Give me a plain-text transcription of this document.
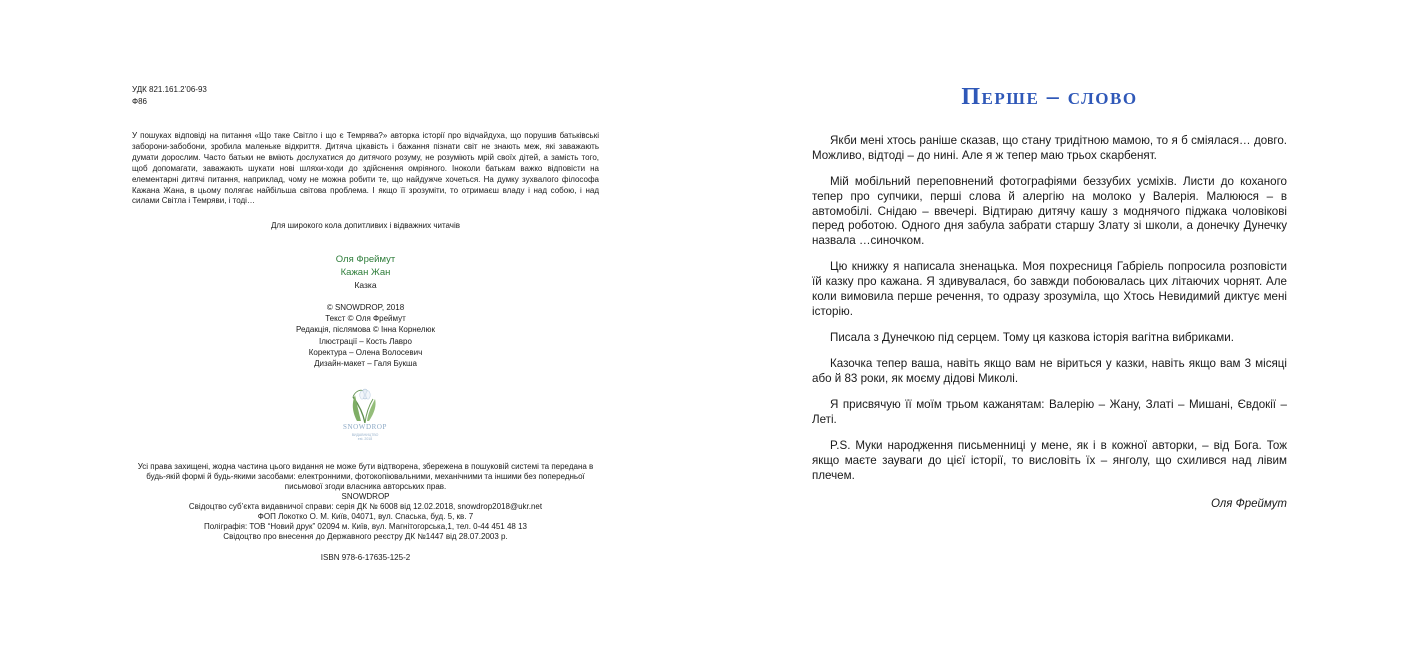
УДК 821.161.2’06-93
Ф86
У пошуках відповіді на питання «Що таке Світло і що є Темрява?» авторка історії про відчайдуха, що порушив батьківські заборони-забобони, зробила маленьке відкриття. Дитяча цікавість і бажання пізнати світ не знають меж, які заважають думати дорослим. Часто батьки не вміють дослухатися до дитячого розуму, не розуміють мрій своїх дітей, а замість того, щоб допомагати, заважають шукати нові шляхи-ходи до здійснення омріяного. Іноколи батькам важко відповісти на елементарні дитячі питання, наприклад, чому не можна робити те, що найдужче хочеться. На думку зухвалого філософа Кажана Жана, в цьому полягає найбільша світова проблема. І якщо її зрозуміти, то отримаєш владу і над собою, і над силами Світла і Темряви, і тоді…
Для широкого кола допитливих і відважних читачів
Оля Фреймут
Кажан Жан
Казка
© SNOWDROP, 2018
Текст © Оля Фреймут
Редакція, післямова © Інна Корнелюк
Ілюстрації – Кость Лавро
Коректура – Олена Волосевич
Дизайн-макет – Галя Букша
SNOWDROP
ВИДАВНИЦТВО
est. 2018
Усі права захищені, жодна частина цього видання не може бути відтворена, збережена в пошуковій системі та передана в будь-якій формі й будь-якими засобами: електронними, фотокопіювальними, механічними та іншими без попередньої письмової згоди власника авторських прав.
SNOWDROP
Свідоцтво суб’єкта видавничої справи: серія ДК № 6008 від 12.02.2018, snowdrop2018@ukr.net
ФОП Локотко О. М. Київ, 04071, вул. Спаська, буд. 5, кв. 7
Поліграфія: ТОВ “Новий друк” 02094 м. Київ, вул. Магнітогорська,1, тел. 0-44 451 48 13
Свідоцтво про внесення до Державного реєстру ДК №1447 від 28.07.2003 р.
ISBN 978-6-17635-125-2
Перше – слово

Якби мені хтось раніше сказав, що стану тридітною мамою, то я б сміялася… довго. Можливо, відтоді – до нині. Але я ж тепер маю трьох скарбенят.

Мій мобільний переповнений фотографіями беззубих усміхів. Листи до коханого тепер про супчики, перші слова й алергію на молоко у Валерія. Малююся – в автомобілі. Снідаю – ввечері. Відтираю дитячу кашу з моднячого піджака чоловікові перед роботою. Одного дня забула забрати старшу Злату зі школи, а донечку Дунечку назвала …синочком.

Цю книжку я написала зненацька. Моя похресниця Габріель попросила розповісти їй казку про кажана. Я здивувалася, бо завжди побоювалась цих літаючих чорнят. Але коли вимовила перше речення, то одразу зрозуміла, що Хтось Невидимий диктує мені історію.

Писала з Дунечкою під серцем. Тому ця казкова історія вагітна вибриками.

Казочка тепер ваша, навіть якщо вам не віриться у казки, навіть якщо вам 3 місяці або й 83 роки, як моєму дідові Миколі.

Я присвячую її моїм трьом кажанятам: Валерію – Жану, Златі – Мишані, Євдокії – Леті.

P.S. Муки народження письменниці у мене, як і в кожної авторки, – від Бога. Тож якщо маєте зауваги до цієї історії, то висловіть їх – янголу, що схилився над лівим плечем.

Оля Фреймут
